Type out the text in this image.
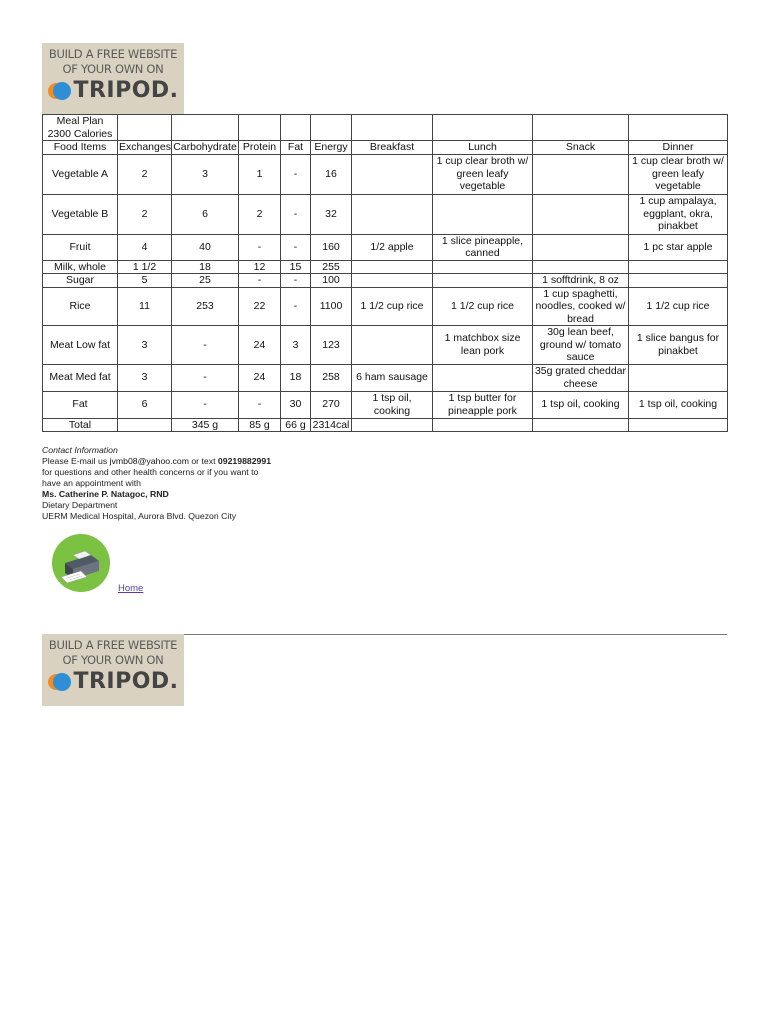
BUILD A FREE WEBSITE
OF YOUR OWN ON
TRIPOD.
Meal Plan
2300 Calories									

Food Items	Exchanges	Carbohydrate	Protein	Fat	Energy	Breakfast	Lunch	Snack	Dinner
Vegetable A	2	3	1	-	16		1 cup clear broth w/ green leafy vegetable		1 cup clear broth w/ green leafy vegetable
Vegetable B	2	6	2	-	32				1 cup ampalaya, eggplant, okra, pinakbet
Fruit	4	40	-	-	160	1/2 apple	1 slice pineapple, canned		1 pc star apple
Milk, whole	1 1/2	18	12	15	255				
Sugar	5	25	-	-	100			1 sofftdrink, 8 oz	
Rice	11	253	22	-	1100	1 1/2 cup rice	1 1/2 cup rice	1 cup spaghetti, noodles, cooked w/ bread	1 1/2 cup rice
Meat Low fat	3	-	24	3	123		1 matchbox size lean pork	30g lean beef, ground w/ tomato sauce	1 slice bangus for pinakbet
Meat Med fat	3	-	24	18	258	6 ham sausage		35g grated cheddar cheese	
Fat	6	-	-	30	270	1 tsp oil, cooking	1 tsp butter for pineapple pork	1 tsp oil, cooking	1 tsp oil, cooking
Total		345 g	85 g	66 g	2314cal				
Contact Information
Please E-mail us jvmb08@yahoo.com or text 09219882991
for questions and other health concerns or if you want to
have an appointment with
Ms. Catherine P. Natagoc, RND
Dietary Department
UERM Medical Hospital, Aurora Blvd. Quezon City
Home
BUILD A FREE WEBSITE
OF YOUR OWN ON
TRIPOD.
